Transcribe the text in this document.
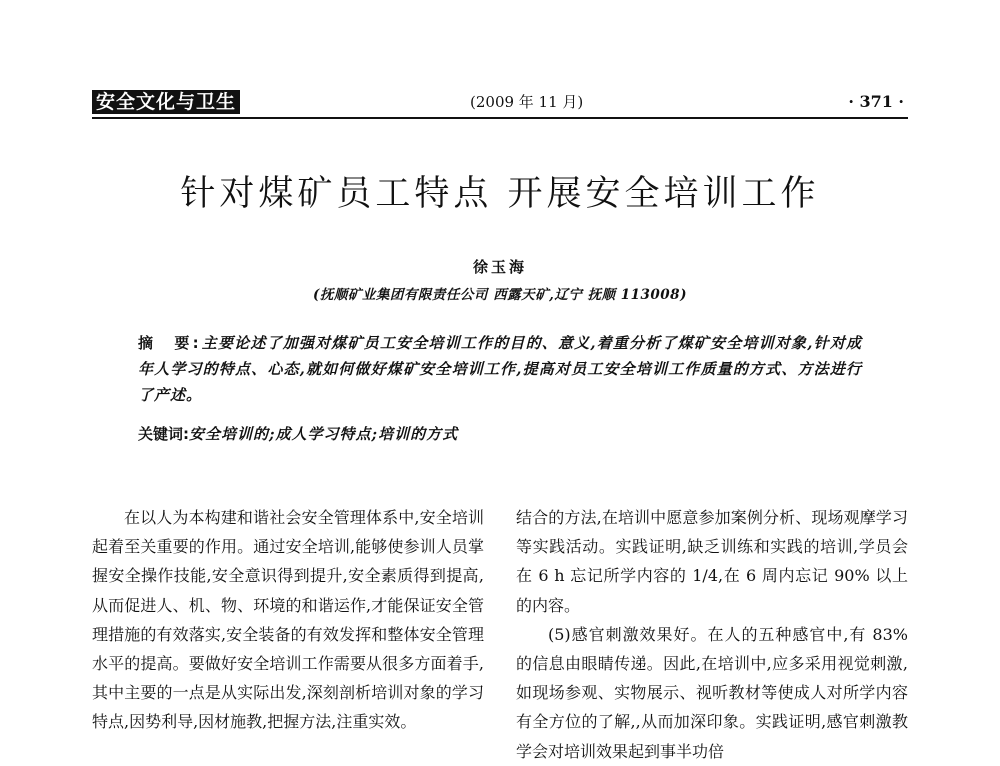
安全文化与卫生	(2009 年 11 月)	· 371 ·
针对煤矿员工特点 开展安全培训工作
徐玉海
(抚顺矿业集团有限责任公司 西露天矿,辽宁 抚顺 113008)
摘　要:主要论述了加强对煤矿员工安全培训工作的目的、意义,着重分析了煤矿安全培训对象,针对成年人学习的特点、心态,就如何做好煤矿安全培训工作,提高对员工安全培训工作质量的方式、方法进行了产述。
关键词:安全培训的;成人学习特点;培训的方式

在以人为本构建和谐社会安全管理体系中,安全培训起着至关重要的作用。通过安全培训,能够使参训人员掌握安全操作技能,安全意识得到提升,安全素质得到提高,从而促进人、机、物、环境的和谐运作,才能保证安全管理措施的有效落实,安全装备的有效发挥和整体安全管理水平的提高。要做好安全培训工作需要从很多方面着手,其中主要的一点是从实际出发,深刻剖析培训对象的学习特点,因势利导,因材施教,把握方法,注重实效。

结合的方法,在培训中愿意参加案例分析、现场观摩学习等实践活动。实践证明,缺乏训练和实践的培训,学员会在 6 h 忘记所学内容的 1/4,在 6 周内忘记 90% 以上的内容。

(5)感官刺激效果好。在人的五种感官中,有 83% 的信息由眼睛传递。因此,在培训中,应多采用视觉刺激,如现场参观、实物展示、视听教材等使成人对所学内容有全方位的了解,,从而加深印象。实践证明,感官刺激教学会对培训效果起到事半功倍
